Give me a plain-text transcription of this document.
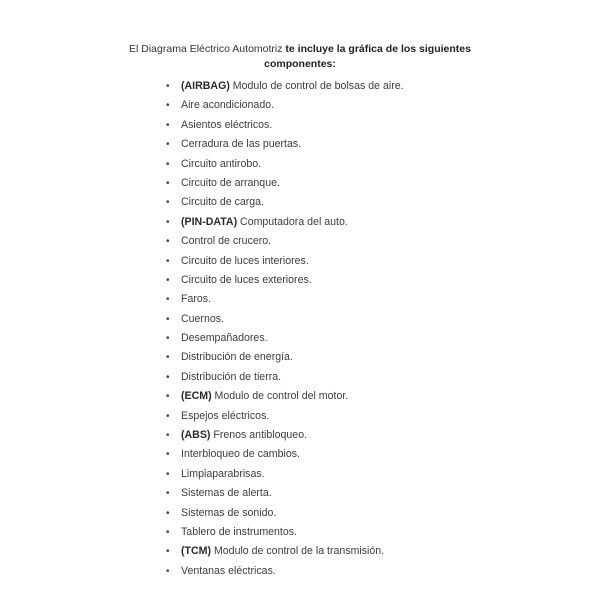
El Diagrama Eléctrico Automotriz te incluye la gráfica de los siguientes
componentes:

• (AIRBAG) Modulo de control de bolsas de aire.
• Aire acondicionado.
• Asientos eléctricos.
• Cerradura de las puertas.
• Circuito antirobo.
• Circuito de arranque.
• Circuito de carga.
• (PIN-DATA) Computadora del auto.
• Control de crucero.
• Circuito de luces interiores.
• Circuito de luces exteriores.
• Faros.
• Cuernos.
• Desempañadores.
• Distribución de energía.
• Distribución de tierra.
• (ECM) Modulo de control del motor.
• Espejos eléctricos.
• (ABS) Frenos antibloqueo.
• Interbloqueo de cambios.
• Limpiaparabrisas.
• Sistemas de alerta.
• Sistemas de sonido.
• Tablero de instrumentos.
• (TCM) Modulo de control de la transmisión.
• Ventanas eléctricas.
